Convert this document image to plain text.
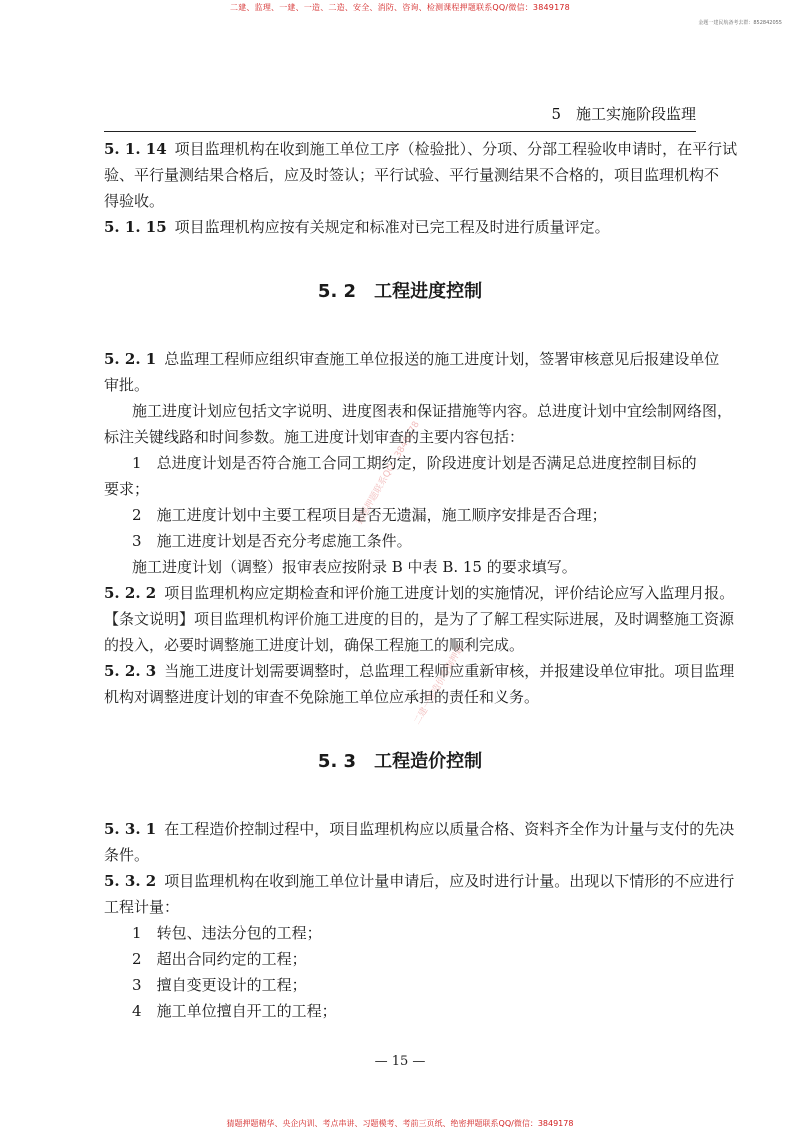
二建、监理、一建、一造、二造、安全、消防、咨询、检测课程押题联系QQ/微信：3849178
金题一建民航备考去群：852842055
5　施工实施阶段监理
猜题押题联系QQ：3849178
二建一建造价咨询押题

5. 1. 14 项目监理机构在收到施工单位工序（检验批）、分项、分部工程验收申请时，在平行试

验、平行量测结果合格后，应及时签认；平行试验、平行量测结果不合格的，项目监理机构不

得验收。

5. 1. 15 项目监理机构应按有关规定和标准对已完工程及时进行质量评定。

5. 2 工程进度控制

5. 2. 1 总监理工程师应组织审查施工单位报送的施工进度计划，签署审核意见后报建设单位

审批。

施工进度计划应包括文字说明、进度图表和保证措施等内容。总进度计划中宜绘制网络图，

标注关键线路和时间参数。施工进度计划审查的主要内容包括：

1　 总进度计划是否符合施工合同工期约定，阶段进度计划是否满足总进度控制目标的

要求；

2　 施工进度计划中主要工程项目是否无遗漏，施工顺序安排是否合理；

3　 施工进度计划是否充分考虑施工条件。

施工进度计划（调整）报审表应按附录 B 中表 B. 15 的要求填写。

5. 2. 2 项目监理机构应定期检查和评价施工进度计划的实施情况，评价结论应写入监理月报。

【条文说明】项目监理机构评价施工进度的目的，是为了了解工程实际进展，及时调整施工资源

的投入，必要时调整施工进度计划，确保工程施工的顺利完成。

5. 2. 3 当施工进度计划需要调整时，总监理工程师应重新审核，并报建设单位审批。项目监理

机构对调整进度计划的审查不免除施工单位应承担的责任和义务。

5. 3 工程造价控制

5. 3. 1 在工程造价控制过程中，项目监理机构应以质量合格、资料齐全作为计量与支付的先决

条件。

5. 3. 2 项目监理机构在收到施工单位计量申请后，应及时进行计量。出现以下情形的不应进行

工程计量：

1　 转包、违法分包的工程；

2　 超出合同约定的工程；

3　 擅自变更设计的工程；

4　 施工单位擅自开工的工程；

— 15 —
猜题押题精华、央企内训、考点串讲、习题模考、考前三页纸、绝密押题联系QQ/微信：3849178
